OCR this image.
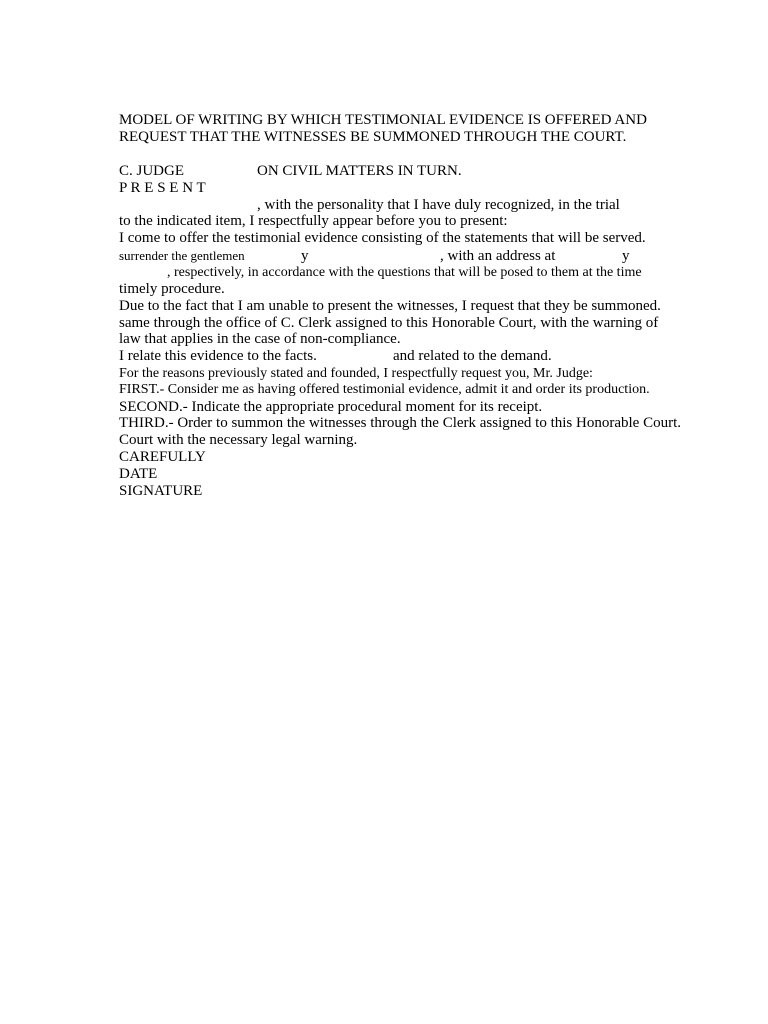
MODEL OF WRITING BY WHICH TESTIMONIAL EVIDENCE IS OFFERED AND
REQUEST THAT THE WITNESSES BE SUMMONED THROUGH THE COURT.
C. JUDGE	ON CIVIL MATTERS IN TURN.
P R E S E N T
, with the personality that I have duly recognized, in the trial
to the indicated item, I respectfully appear before you to present:
I come to offer the testimonial evidence consisting of the statements that will be served.
surrender the gentlemen	y	, with an address at	y
, respectively, in accordance with the questions that will be posed to them at the time
timely procedure.
Due to the fact that I am unable to present the witnesses, I request that they be summoned.
same through the office of C. Clerk assigned to this Honorable Court, with the warning of
law that applies in the case of non-compliance.
I relate this evidence to the facts.	and related to the demand.
For the reasons previously stated and founded, I respectfully request you, Mr. Judge:
FIRST.- Consider me as having offered testimonial evidence, admit it and order its production.
SECOND.- Indicate the appropriate procedural moment for its receipt.
THIRD.- Order to summon the witnesses through the Clerk assigned to this Honorable Court.
Court with the necessary legal warning.
CAREFULLY
DATE
SIGNATURE
